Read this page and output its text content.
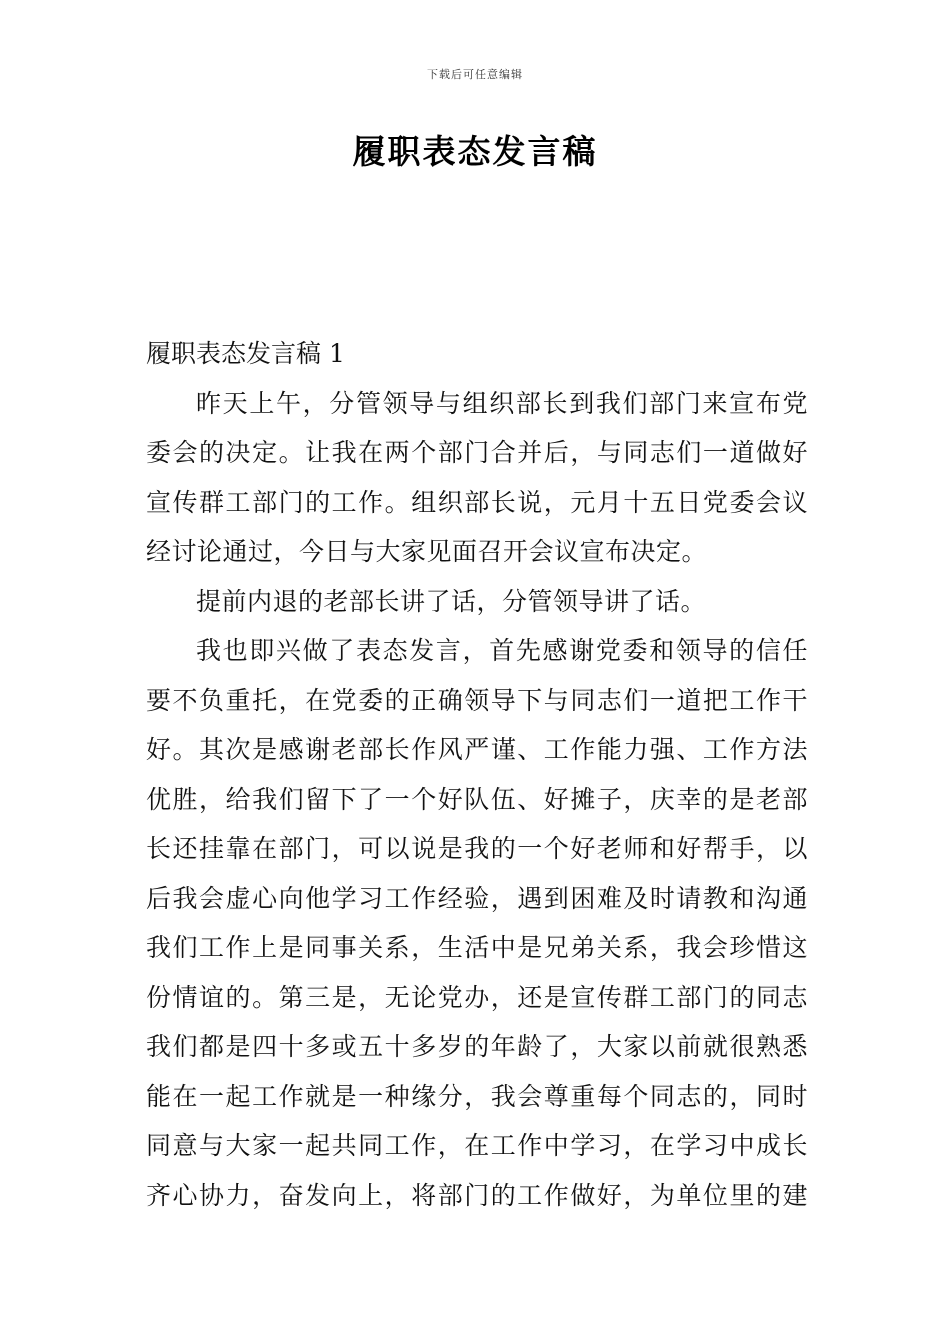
下载后可任意编辑
履职表态发言稿

履职表态发言稿 1

昨天上午，分管领导与组织部长到我们部门来宣布党
委会的决定。让我在两个部门合并后，与同志们一道做好
宣传群工部门的工作。组织部长说，元月十五日党委会议
经讨论通过，今日与大家见面召开会议宣布决定。

提前内退的老部长讲了话，分管领导讲了话。

我也即兴做了表态发言，首先感谢党委和领导的信任
要不负重托，在党委的正确领导下与同志们一道把工作干
好。其次是感谢老部长作风严谨、工作能力强、工作方法
优胜，给我们留下了一个好队伍、好摊子，庆幸的是老部
长还挂靠在部门，可以说是我的一个好老师和好帮手，以
后我会虚心向他学习工作经验，遇到困难及时请教和沟通
我们工作上是同事关系，生活中是兄弟关系，我会珍惜这
份情谊的。第三是，无论党办，还是宣传群工部门的同志
我们都是四十多或五十多岁的年龄了，大家以前就很熟悉
能在一起工作就是一种缘分，我会尊重每个同志的，同时
同意与大家一起共同工作，在工作中学习，在学习中成长
齐心协力，奋发向上，将部门的工作做好，为单位里的建
